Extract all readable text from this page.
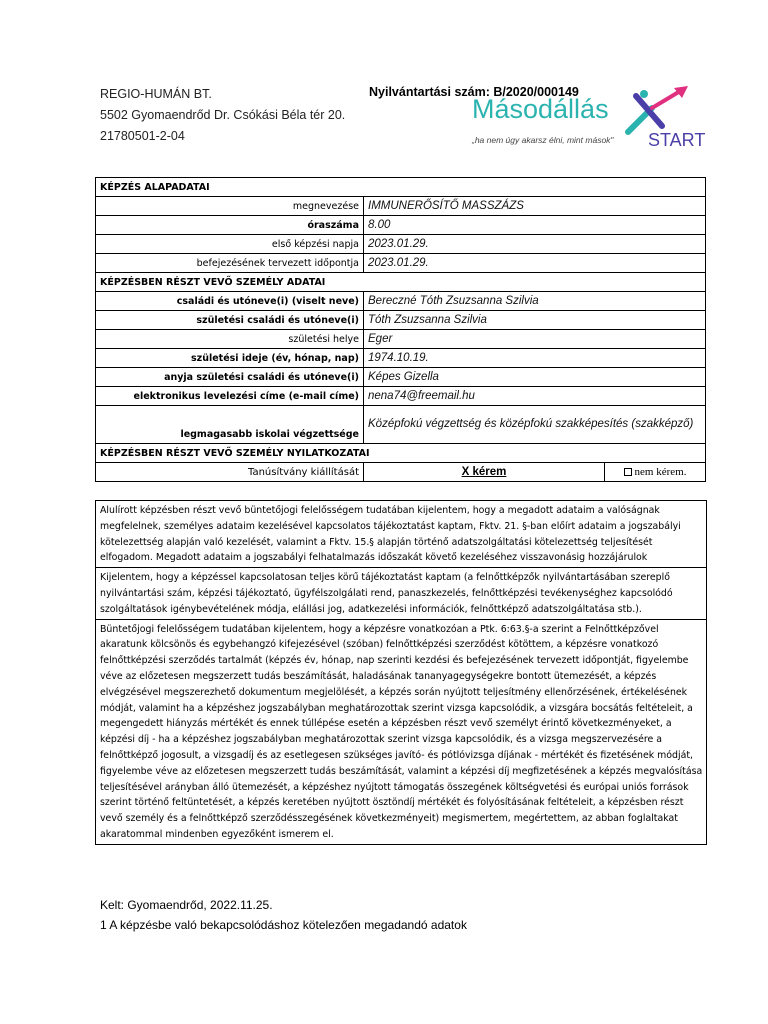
REGIO-HUMÁN BT.
5502 Gyomaendrőd Dr. Csókási Béla tér 20.
21780501-2-04
Nyilvántartási szám: B/2020/000149
Másodállás
„ha nem úgy akarsz élni, mint mások" START
KÉPZÉS ALAPADATAI	
megnevezése	IMMUNERŐSÍTŐ MASSZÁZS
óraszáma	8.00
első képzési napja	2023.01.29.
befejezésének tervezett időpontja	2023.01.29.
KÉPZÉSBEN RÉSZT VEVŐ SZEMÉLY ADATAI	
családi és utóneve(i) (viselt neve)	Bereczné Tóth Zsuzsanna Szilvia
születési családi és utóneve(i)	Tóth Zsuzsanna Szilvia
születési helye	Eger
születési ideje (év, hónap, nap)	1974.10.19.
anyja születési családi és utóneve(i)	Képes Gizella
elektronikus levelezési címe (e-mail címe)	nena74@freemail.hu
legmagasabb iskolai végzettsége	Középfokú végzettség és középfokú szakképesítés (szakképző)
KÉPZÉSBEN RÉSZT VEVŐ SZEMÉLY NYILATKOZATAI	
Tanúsítvány kiállítását	X kérem nem kérem.
Alulírott képzésben részt vevő büntetőjogi felelősségem tudatában kijelentem, hogy a megadott adataim a valóságnak megfelelnek, személyes adataim kezelésével kapcsolatos tájékoztatást kaptam, Fktv. 21. §-ban előírt adataim a jogszabályi kötelezettség alapján való kezelését, valamint a Fktv. 15.§ alapján történő adatszolgáltatási kötelezettség teljesítését elfogadom. Megadott adataim a jogszabályi felhatalmazás időszakát követő kezeléséhez visszavonásig hozzájárulok
Kijelentem, hogy a képzéssel kapcsolatosan teljes körű tájékoztatást kaptam (a felnőttképzők nyilvántartásában szereplő nyilvántartási szám, képzési tájékoztató, ügyfélszolgálati rend, panaszkezelés, felnőttképzési tevékenységhez kapcsolódó szolgáltatások igénybevételének módja, elállási jog, adatkezelési információk, felnőttképző adatszolgáltatása stb.).
Büntetőjogi felelősségem tudatában kijelentem, hogy a képzésre vonatkozóan a Ptk. 6:63.§-a szerint a Felnőttképzővel akaratunk kölcsönös és egybehangzó kifejezésével (szóban) felnőttképzési szerződést kötöttem, a képzésre vonatkozó felnőttképzési szerződés tartalmát (képzés év, hónap, nap szerinti kezdési és befejezésének tervezett időpontját, figyelembe véve az előzetesen megszerzett tudás beszámítását, haladásának tananyagegységekre bontott ütemezését, a képzés elvégzésével megszerezhető dokumentum megjelölését, a képzés során nyújtott teljesítmény ellenőrzésének, értékelésének módját, valamint ha a képzéshez jogszabályban meghatározottak szerint vizsga kapcsolódik, a vizsgára bocsátás feltételeit, a megengedett hiányzás mértékét és ennek túllépése esetén a képzésben részt vevő személyt érintő következményeket, a képzési díj - ha a képzéshez jogszabályban meghatározottak szerint vizsga kapcsolódik, és a vizsga megszervezésére a felnőttképző jogosult, a vizsgadíj és az esetlegesen szükséges javító- és pótlóvizsga díjának - mértékét és fizetésének módját, figyelembe véve az előzetesen megszerzett tudás beszámítását, valamint a képzési díj megfizetésének a képzés megvalósítása teljesítésével arányban álló ütemezését, a képzéshez nyújtott támogatás összegének költségvetési és európai uniós források szerint történő feltüntetését, a képzés keretében nyújtott ösztöndíj mértékét és folyósításának feltételeit, a képzésben részt vevő személy és a felnőttképző szerződésszegésének következményeit) megismertem, megértettem, az abban foglaltakat akaratommal mindenben egyezőként ismerem el.
Kelt: Gyomaendrőd, 2022.11.25.
1 A képzésbe való bekapcsolódáshoz kötelezően megadandó adatok
